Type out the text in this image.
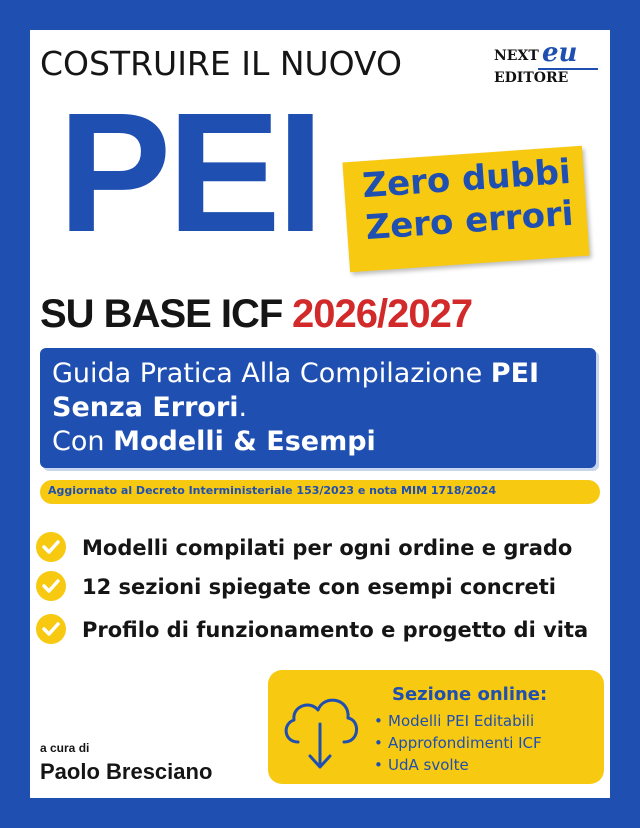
COSTRUIRE IL NUOVO	NEXT eu
EDITORE
PEI Zero dubbi
Zero errori
SU BASE ICF 2026/2027
Guida Pratica Alla Compilazione PEI
Senza Errori.
Con Modelli & Esempi
Aggiornato al Decreto Interministeriale 153/2023 e nota MIM 1718/2024
Modelli compilati per ogni ordine e grado
12 sezioni spiegate con esempi concreti
Profilo di funzionamento e progetto di vita
Sezione online:
• Modelli PEI Editabili
• Approfondimenti ICF
• UdA svolte
a cura di
Paolo Bresciano
